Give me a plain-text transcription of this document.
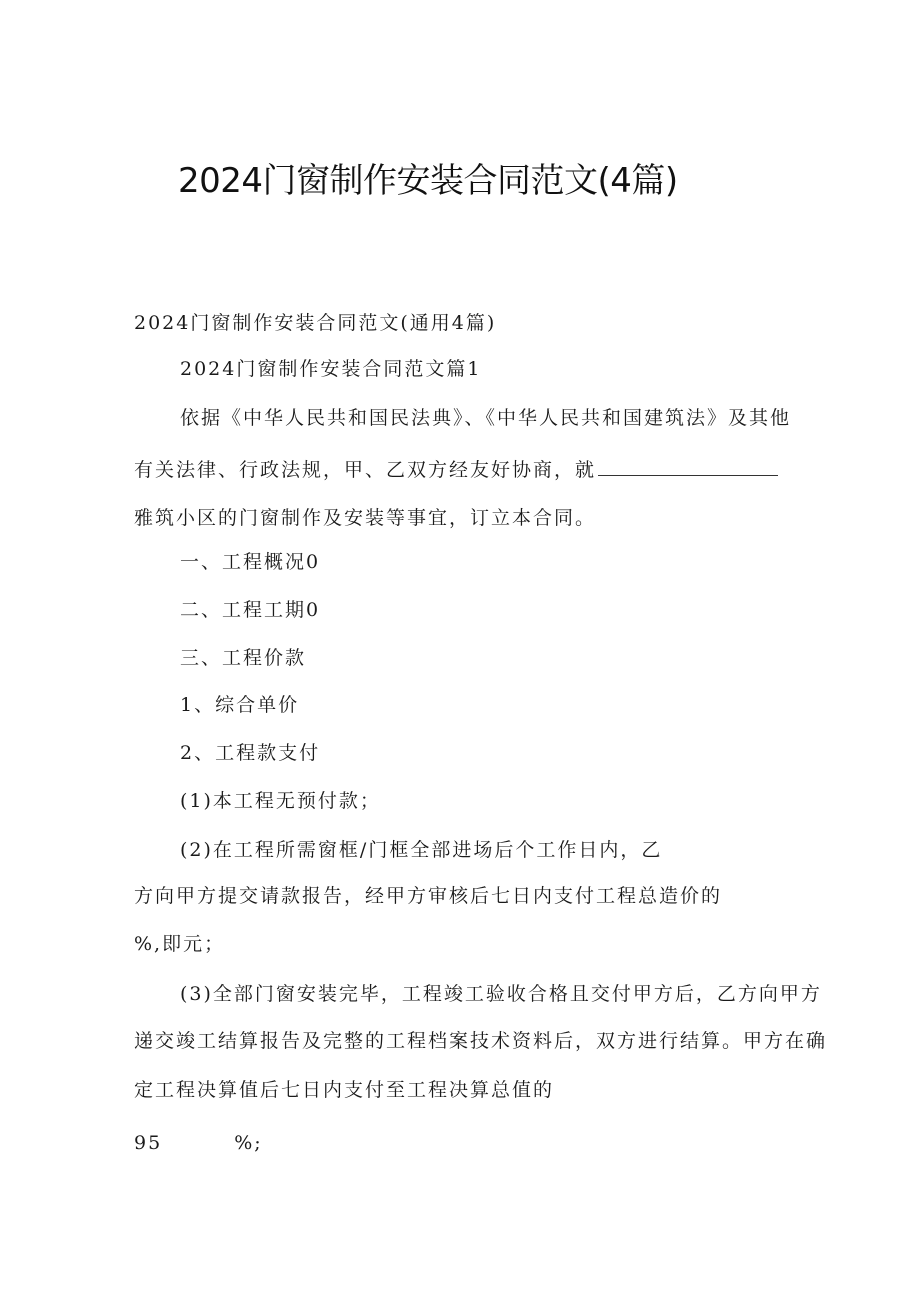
2024门窗制作安装合同范文(4篇)
2024门窗制作安装合同范文(通用4篇)
2024门窗制作安装合同范文篇1
依据《中华人民共和国民法典》、《中华人民共和国建筑法》及其他
有关法律、行政法规，甲、乙双方经友好协商，就
雅筑小区的门窗制作及安装等事宜，订立本合同。
一、工程概况0
二、工程工期0
三、工程价款
1、综合单价
2、工程款支付
(1)本工程无预付款；
(2)在工程所需窗框/门框全部进场后个工作日内，乙
方向甲方提交请款报告，经甲方审核后七日内支付工程总造价的
%,即元；
(3)全部门窗安装完毕，工程竣工验收合格且交付甲方后，乙方向甲方
递交竣工结算报告及完整的工程档案技术资料后，双方进行结算。甲方在确
定工程决算值后七日内支付至工程决算总值的
95	%;
